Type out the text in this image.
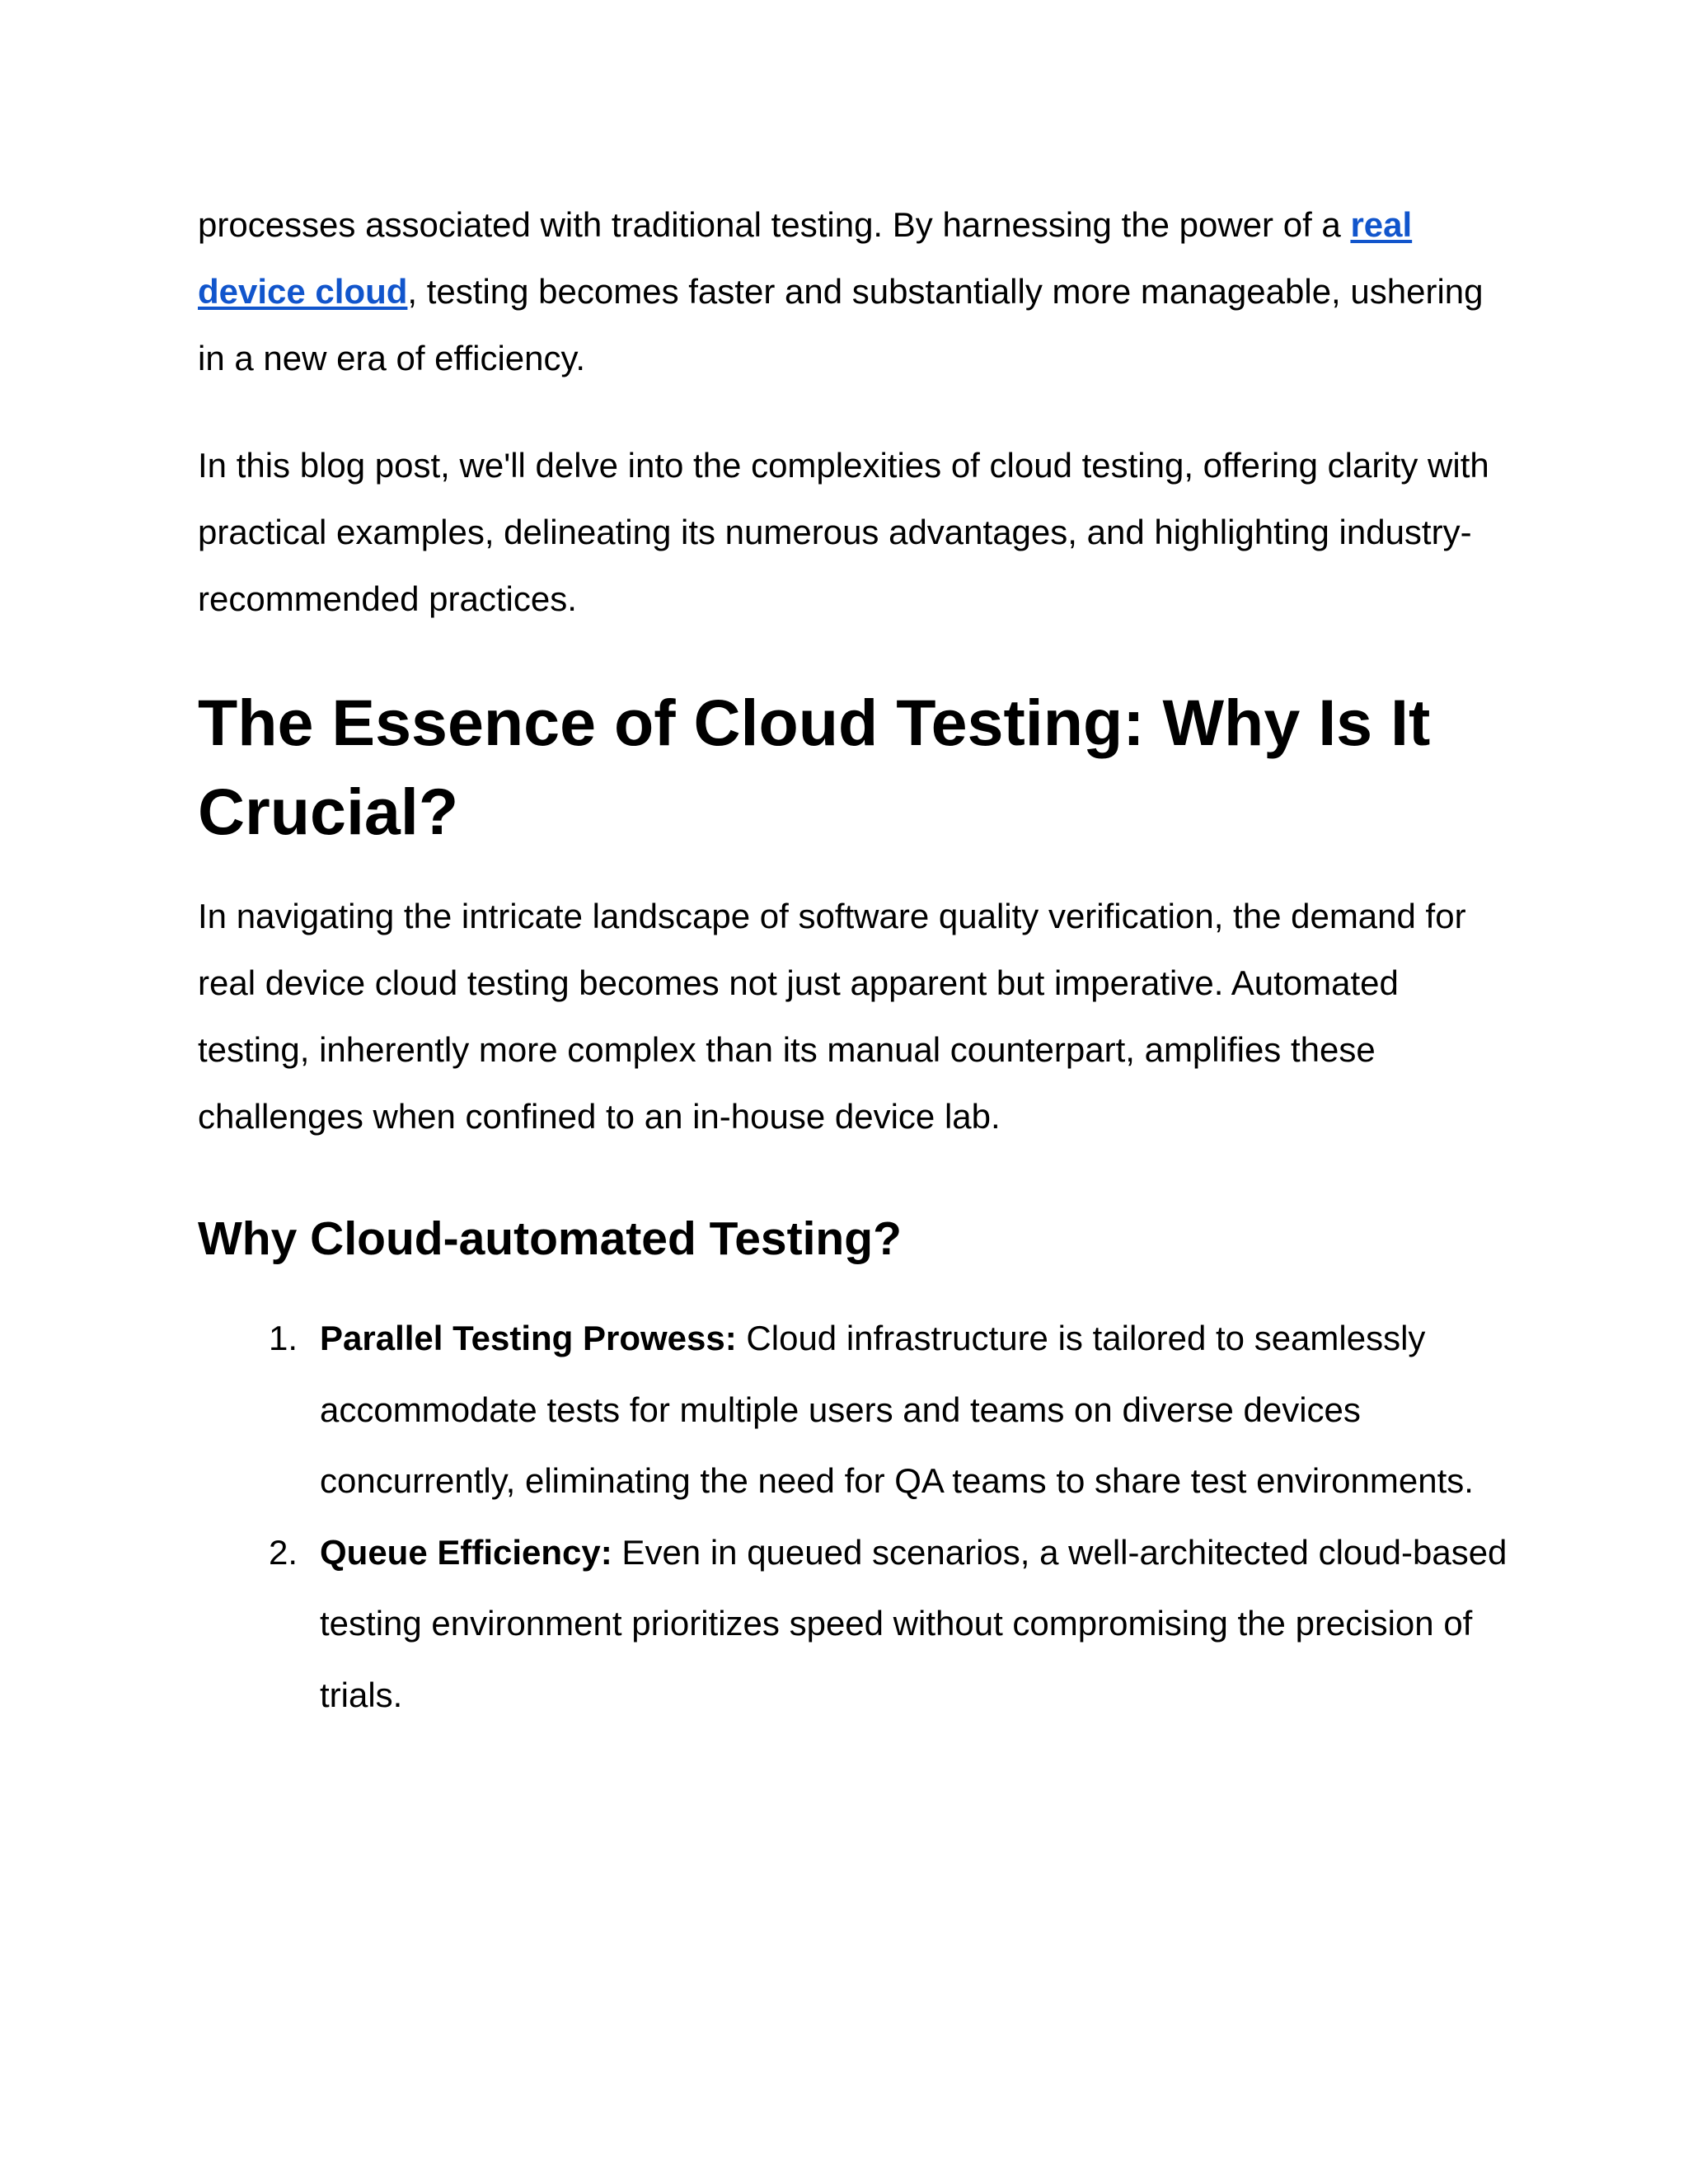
processes associated with traditional testing. By harnessing the power of a real device cloud, testing becomes faster and substantially more manageable, ushering in a new era of efficiency.

In this blog post, we'll delve into the complexities of cloud testing, offering clarity with practical examples, delineating its numerous advantages, and highlighting industry-recommended practices.

The Essence of Cloud Testing: Why Is It Crucial?

In navigating the intricate landscape of software quality verification, the demand for real device cloud testing becomes not just apparent but imperative. Automated testing, inherently more complex than its manual counterpart, amplifies these challenges when confined to an in-house device lab.

Why Cloud-automated Testing?
1. Parallel Testing Prowess: Cloud infrastructure is tailored to seamlessly accommodate tests for multiple users and teams on diverse devices concurrently, eliminating the need for QA teams to share test environments.
2. Queue Efficiency: Even in queued scenarios, a well-architected cloud-based testing environment prioritizes speed without compromising the precision of trials.
